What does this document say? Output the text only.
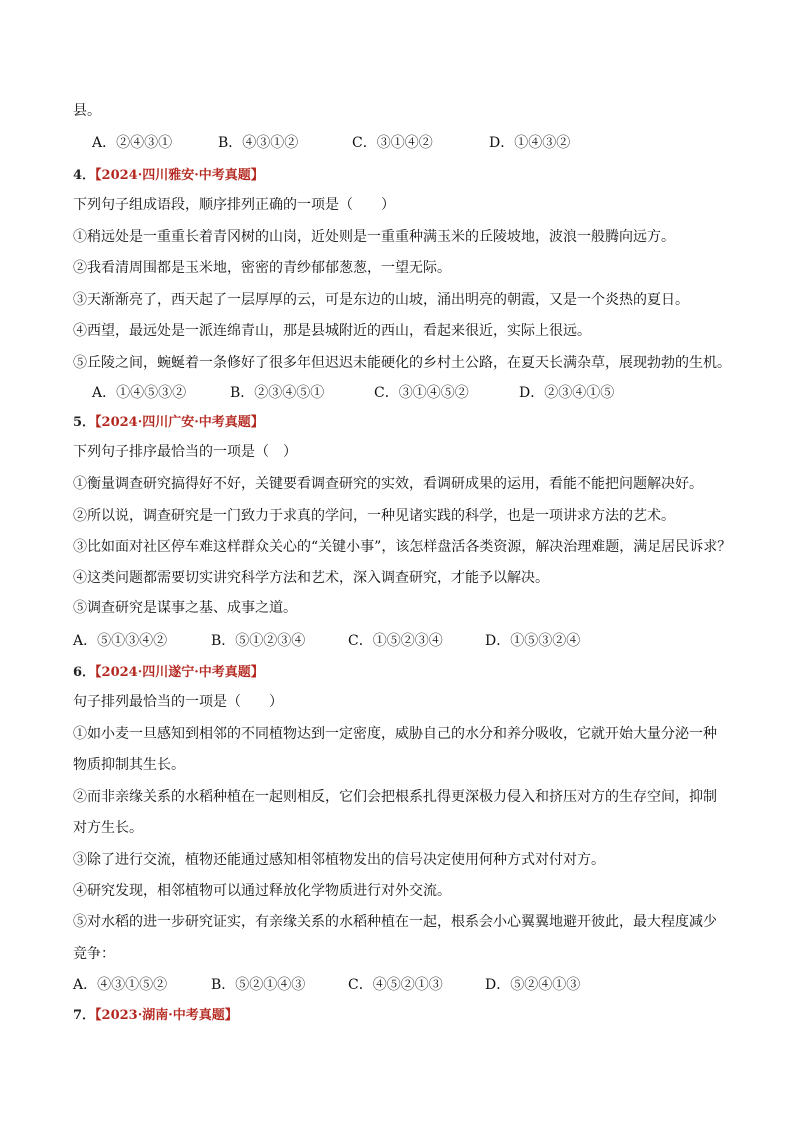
县。
A．②④③①	B．④③①②	C．③①④②	D．①④③②
4．【2024·四川雅安·中考真题】
下列句子组成语段，顺序排列正确的一项是（　　）
①稍远处是一重重长着青冈树的山岗，近处则是一重重种满玉米的丘陵坡地，波浪一般腾向远方。
②我看清周围都是玉米地，密密的青纱郁郁葱葱，一望无际。
③天渐渐亮了，西天起了一层厚厚的云，可是东边的山坡，涌出明亮的朝霞，又是一个炎热的夏日。
④西望，最远处是一派连绵青山，那是县城附近的西山，看起来很近，实际上很远。
⑤丘陵之间，蜿蜒着一条修好了很多年但迟迟未能硬化的乡村土公路，在夏天长满杂草，展现勃勃的生机。
A．①④⑤③②	B．②③④⑤①	C．③①④⑤②	D．②③④①⑤
5．【2024·四川广安·中考真题】
下列句子排序最恰当的一项是（　）
①衡量调查研究搞得好不好，关键要看调查研究的实效，看调研成果的运用，看能不能把问题解决好。
②所以说，调查研究是一门致力于求真的学问，一种见诸实践的科学，也是一项讲求方法的艺术。
③比如面对社区停车难这样群众关心的“关键小事”，该怎样盘活各类资源，解决治理难题，满足居民诉求？
④这类问题都需要切实讲究科学方法和艺术，深入调查研究，才能予以解决。
⑤调查研究是谋事之基、成事之道。
A．⑤①③④②	B．⑤①②③④	C．①⑤②③④	D．①⑤③②④
6．【2024·四川遂宁·中考真题】
句子排列最恰当的一项是（　　）
①如小麦一旦感知到相邻的不同植物达到一定密度，威胁自己的水分和养分吸收，它就开始大量分泌一种
物质抑制其生长。
②而非亲缘关系的水稻种植在一起则相反，它们会把根系扎得更深极力侵入和挤压对方的生存空间，抑制
对方生长。
③除了进行交流，植物还能通过感知相邻植物发出的信号决定使用何种方式对付对方。
④研究发现，相邻植物可以通过释放化学物质进行对外交流。
⑤对水稻的进一步研究证实，有亲缘关系的水稻种植在一起，根系会小心翼翼地避开彼此，最大程度减少
竞争：
A．④③①⑤②	B．⑤②①④③	C．④⑤②①③	D．⑤②④①③
7．【2023·湖南·中考真题】
